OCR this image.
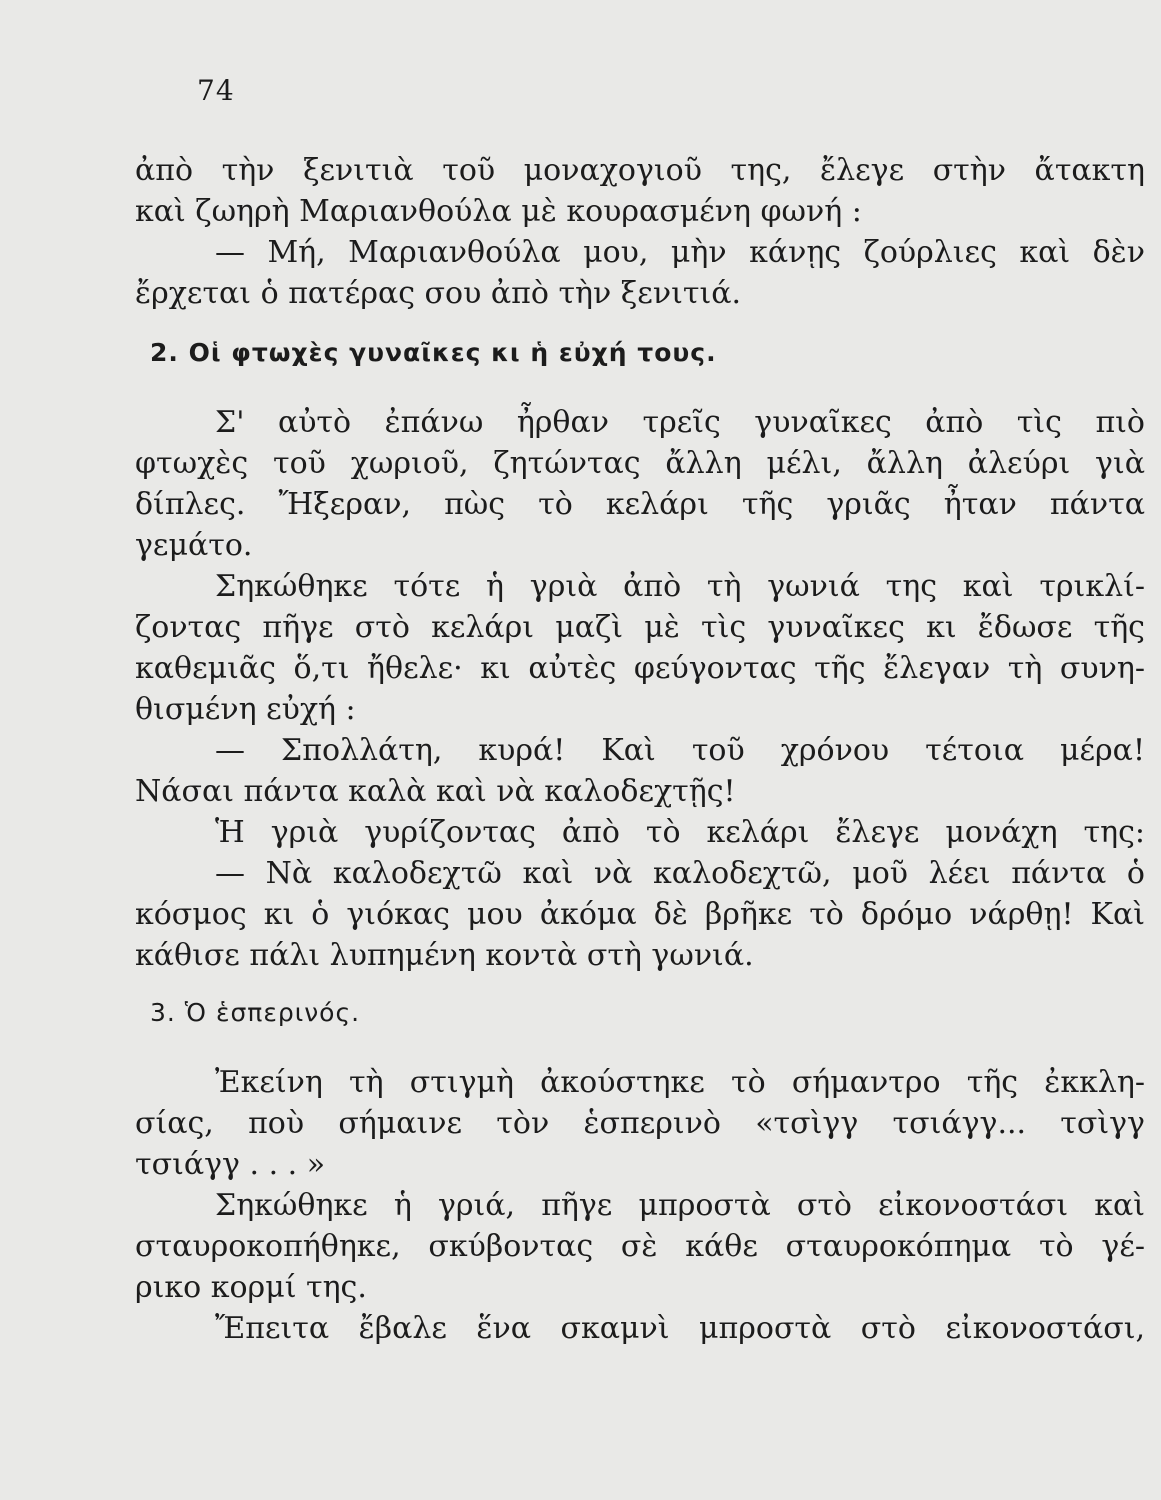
74
ἀπὸ τὴν ξενιτιὰ τοῦ μοναχογιοῦ της, ἔλεγε στὴν ἄτακτη
καὶ ζωηρὴ Μαριανθούλα μὲ κουρασμένη φωνή :
— Μή, Μαριανθούλα μου, μὴν κάνῃς ζούρλιες καὶ δὲν
ἔρχεται ὁ πατέρας σου ἀπὸ τὴν ξενιτιά.
2. Οἱ φτωχὲς γυναῖκες κι ἡ εὐχή τους.
Σ' αὐτὸ ἐπάνω ἦρθαν τρεῖς γυναῖκες ἀπὸ τὶς πιὸ
φτωχὲς τοῦ χωριοῦ, ζητώντας ἄλλη μέλι, ἄλλη ἀλεύρι γιὰ
δίπλες. Ἤξεραν, πὼς τὸ κελάρι τῆς γριᾶς ἦταν πάντα
γεμάτο.
Σηκώθηκε τότε ἡ γριὰ ἀπὸ τὴ γωνιά της καὶ τρικλί-
ζοντας πῆγε στὸ κελάρι μαζὶ μὲ τὶς γυναῖκες κι ἔδωσε τῆς
καθεμιᾶς ὅ,τι ἤθελε· κι αὐτὲς φεύγοντας τῆς ἔλεγαν τὴ συνη-
θισμένη εὐχή :
— Σπολλάτη, κυρά! Καὶ τοῦ χρόνου τέτοια μέρα!
Νάσαι πάντα καλὰ καὶ νὰ καλοδεχτῇς!
Ἡ γριὰ γυρίζοντας ἀπὸ τὸ κελάρι ἔλεγε μονάχη της:
— Νὰ καλοδεχτῶ καὶ νὰ καλοδεχτῶ, μοῦ λέει πάντα ὁ
κόσμος κι ὁ γιόκας μου ἀκόμα δὲ βρῆκε τὸ δρόμο νάρθῃ! Καὶ
κάθισε πάλι λυπημένη κοντὰ στὴ γωνιά.
3. Ὁ ἑσπερινός.
Ἐκείνη τὴ στιγμὴ ἀκούστηκε τὸ σήμαντρο τῆς ἐκκλη-
σίας, ποὺ σήμαινε τὸν ἑσπερινὸ «τσὶγγ τσιάγγ... τσὶγγ
τσιάγγ . . . »
Σηκώθηκε ἡ γριά, πῆγε μπροστὰ στὸ εἰκονοστάσι καὶ
σταυροκοπήθηκε, σκύβοντας σὲ κάθε σταυροκόπημα τὸ γέ-
ρικο κορμί της.
Ἔπειτα ἔβαλε ἕνα σκαμνὶ μπροστὰ στὸ εἰκονοστάσι,
